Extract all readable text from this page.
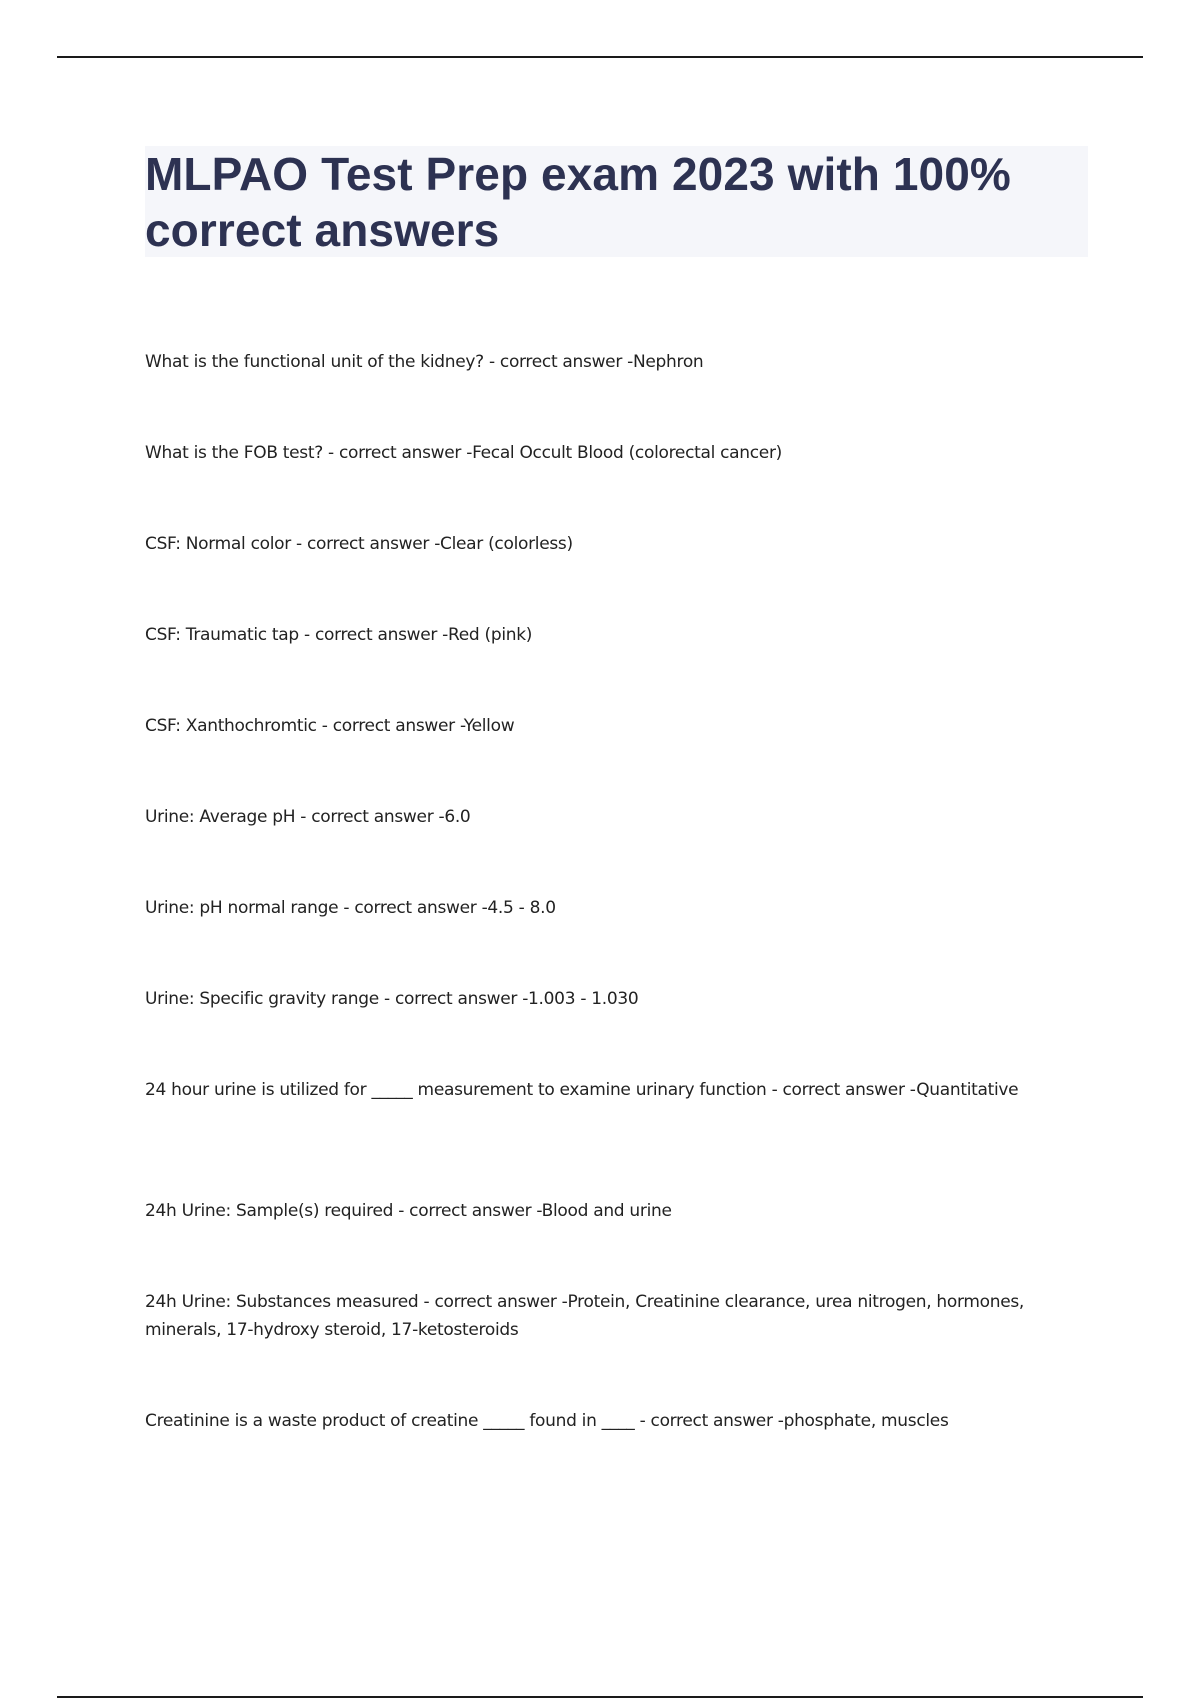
MLPAO Test Prep exam 2023 with 100% correct answers
What is the functional unit of the kidney? - correct answer -Nephron
What is the FOB test? - correct answer -Fecal Occult Blood (colorectal cancer)
CSF: Normal color - correct answer -Clear (colorless)
CSF: Traumatic tap - correct answer -Red (pink)
CSF: Xanthochromtic - correct answer -Yellow
Urine: Average pH - correct answer -6.0
Urine: pH normal range - correct answer -4.5 - 8.0
Urine: Specific gravity range - correct answer -1.003 - 1.030
24 hour urine is utilized for _____ measurement to examine urinary function - correct answer -Quantitative
24h Urine: Sample(s) required - correct answer -Blood and urine
24h Urine: Substances measured - correct answer -Protein, Creatinine clearance, urea nitrogen, hormones, minerals, 17-hydroxy steroid, 17-ketosteroids
Creatinine is a waste product of creatine _____ found in ____ - correct answer -phosphate, muscles
